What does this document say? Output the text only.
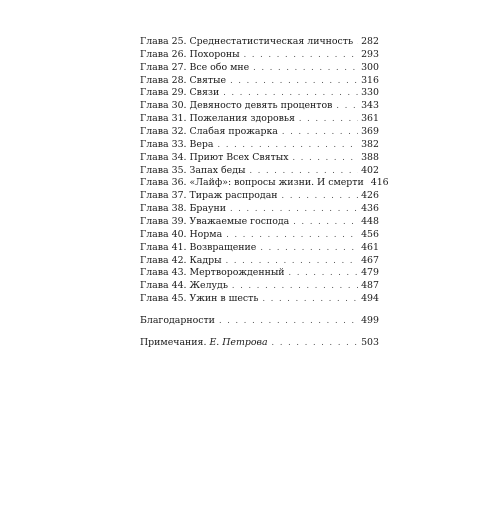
Глава 25. Среднестатистическая личность . . . 282
Глава 26. Похороны . . .	293
Глава 27. Все обо мне . . .	300
Глава 28. Святые . . .	316
Глава 29. Связи . . .	330
Глава 30. Девяносто девять процентов . . .	343
Глава 31. Пожелания здоровья . . .	361
Глава 32. Слабая прожарка . . .	369
Глава 33. Вера . . .	382
Глава 34. Приют Всех Святых . . .	388
Глава 35. Запах беды . . .	402
Глава 36. «Лайф»: вопросы жизни. И смерти 416
Глава 37. Тираж распродан . . .	426
Глава 38. Брауни . . .	436
Глава 39. Уважаемые господа . . .	448
Глава 40. Норма . . .	456
Глава 41. Возвращение . . .	461
Глава 42. Кадры . . .	467
Глава 43. Мертворожденный . . .	479
Глава 44. Желудь . . .	487
Глава 45. Ужин в шесть . . .	494
Благодарности . . .	499
Примечания. Е. Петрова . . .	503
